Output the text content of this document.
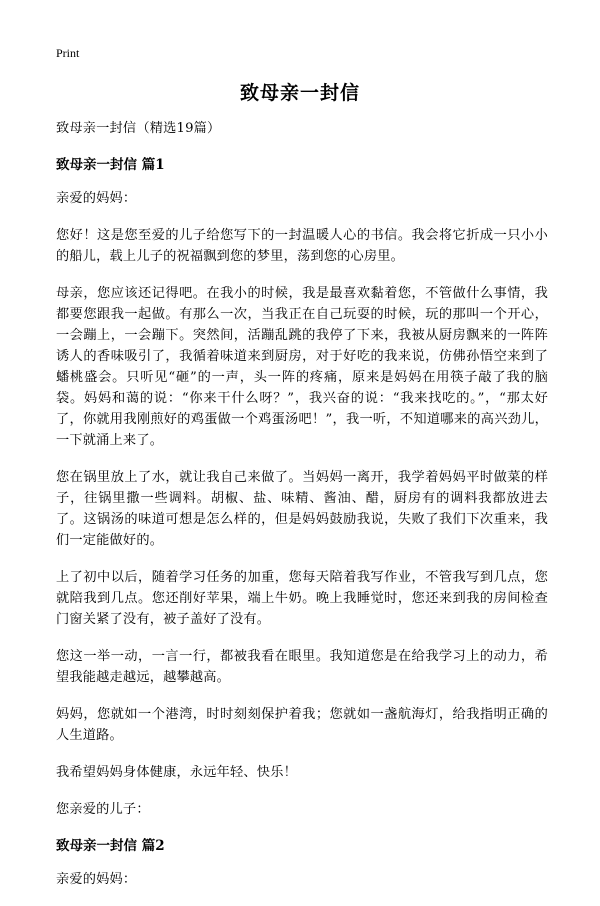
Print
致母亲一封信

致母亲一封信（精选19篇）

致母亲一封信 篇1

亲爱的妈妈：

您好！这是您至爱的儿子给您写下的一封温暖人心的书信。我会将它折成一只小小的船儿，载上儿子的祝福飘到您的梦里，荡到您的心房里。

母亲，您应该还记得吧。在我小的时候，我是最喜欢黏着您，不管做什么事情，我都要您跟我一起做。有那么一次，当我正在自己玩耍的时候，玩的那叫一个开心，一会蹦上，一会蹦下。突然间，活蹦乱跳的我停了下来，我被从厨房飘来的一阵阵诱人的香味吸引了，我循着味道来到厨房，对于好吃的我来说，仿佛孙悟空来到了蟠桃盛会。只听见“砸”的一声，头一阵的疼痛，原来是妈妈在用筷子敲了我的脑袋。妈妈和蔼的说：“你来干什么呀？”，我兴奋的说：“我来找吃的。”，“那太好了，你就用我刚煎好的鸡蛋做一个鸡蛋汤吧！”，我一听，不知道哪来的高兴劲儿，一下就涌上来了。

您在锅里放上了水，就让我自己来做了。当妈妈一离开，我学着妈妈平时做菜的样子，往锅里撒一些调料。胡椒、盐、味精、酱油、醋，厨房有的调料我都放进去了。这锅汤的味道可想是怎么样的，但是妈妈鼓励我说，失败了我们下次重来，我们一定能做好的。

上了初中以后，随着学习任务的加重，您每天陪着我写作业，不管我写到几点，您就陪我到几点。您还削好苹果，端上牛奶。晚上我睡觉时，您还来到我的房间检查门窗关紧了没有，被子盖好了没有。

您这一举一动，一言一行，都被我看在眼里。我知道您是在给我学习上的动力，希望我能越走越远，越攀越高。

妈妈，您就如一个港湾，时时刻刻保护着我；您就如一盏航海灯，给我指明正确的人生道路。

我希望妈妈身体健康，永远年轻、快乐！

您亲爱的儿子：

致母亲一封信 篇2

亲爱的妈妈：
